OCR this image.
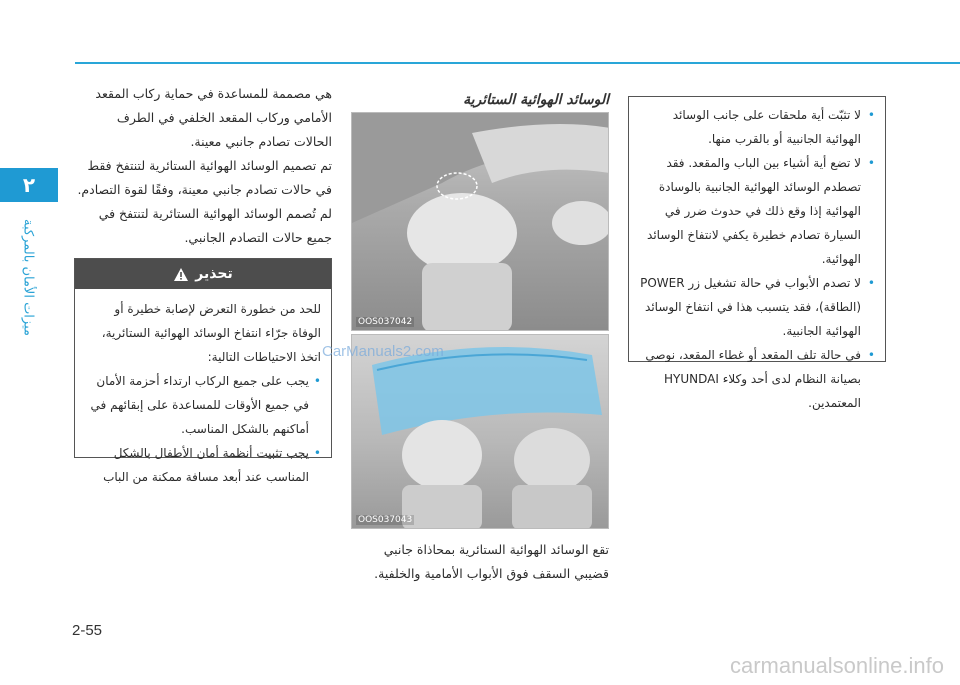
٢
ميزات الأمان بالمركبة

هي مصممة للمساعدة في حماية ركاب المقعد الأمامي وركاب المقعد الخلفي في الطرف الحالات تصادم جانبي معينة.

تم تصميم الوسائد الهوائية الستائرية لتنتفخ فقط في حالات تصادم جانبي معينة، وفقًا لقوة التصادم.

لم تُصمم الوسائد الهوائية الستائرية لتنتفخ في جميع حالات التصادم الجانبي.

تحذير

للحد من خطورة التعرض لإصابة خطيرة أو الوفاة جرّاء انتفاخ الوسائد الهوائية الستائرية، اتخذ الاحتياطات التالية:

• يجب على جميع الركاب ارتداء أحزمة الأمان في جميع الأوقات للمساعدة على إبقائهم في أماكنهم بالشكل المناسب.
• يجب تثبيت أنظمة أمان الأطفال بالشكل المناسب عند أبعد مسافة ممكنة من الباب
الوسائد الهوائية الستائرية
OOS037042
OOS037043
CarManuals2.com
تقع الوسائد الهوائية الستائرية بمحاذاة جانبي قضيبي السقف فوق الأبواب الأمامية والخلفية.
• لا تثبّت أية ملحقات على جانب الوسائد الهوائية الجانبية أو بالقرب منها.
• لا تضع أية أشياء بين الباب والمقعد. فقد تصطدم الوسائد الهوائية الجانبية بالوسادة الهوائية إذا وقع ذلك في حدوث ضرر في السيارة تصادم خطيرة يكفي لانتفاخ الوسائد الهوائية.
• لا تصدم الأبواب في حالة تشغيل زر POWER (الطاقة)، فقد يتسبب هذا في انتفاخ الوسائد الهوائية الجانبية.
• في حالة تلف المقعد أو غطاء المقعد، نوصي بصيانة النظام لدى أحد وكلاء HYUNDAI المعتمدين.
2-55
carmanualsonline.info
